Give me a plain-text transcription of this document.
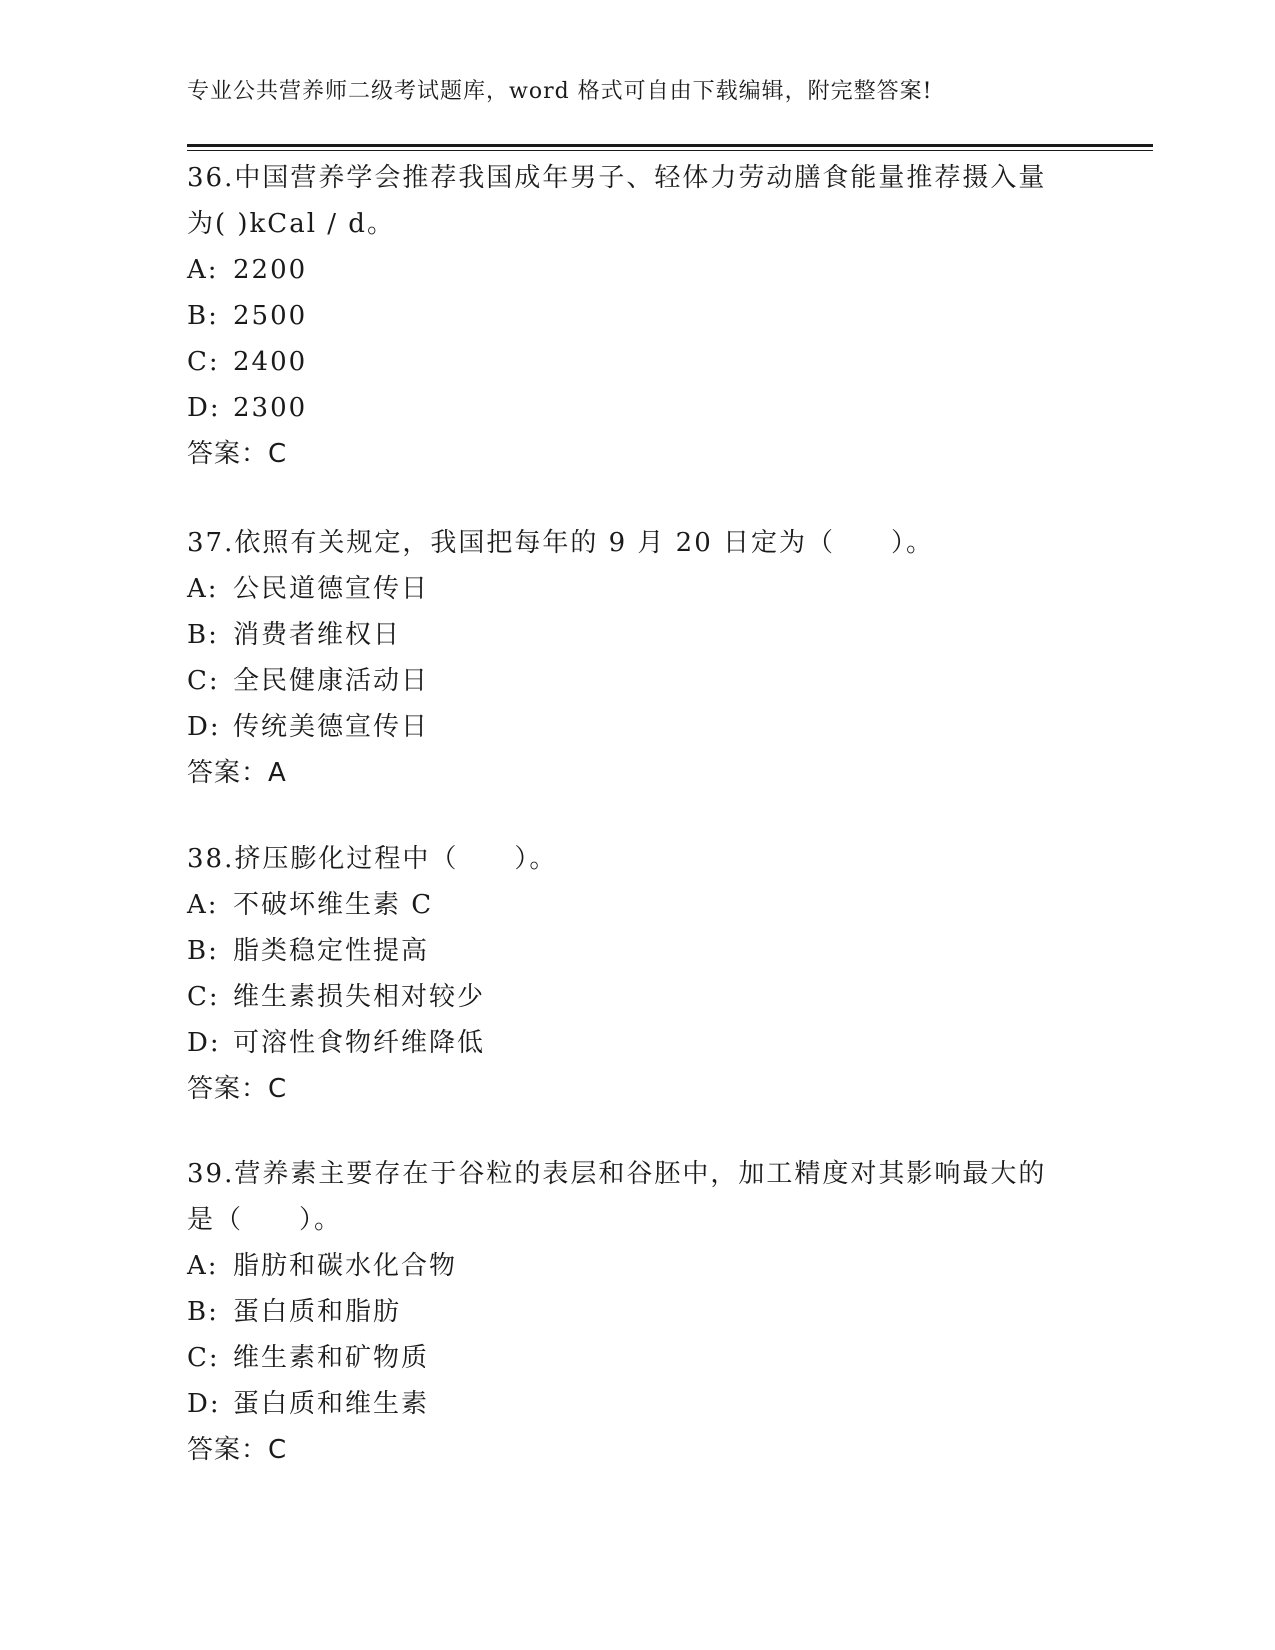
专业公共营养师二级考试题库，word 格式可自由下载编辑，附完整答案!
36.中国营养学会推荐我国成年男子、轻体力劳动膳食能量推荐摄入量
为( )kCal / d。
A: 2200
B: 2500
C: 2400
D: 2300
答案：C
37.依照有关规定，我国把每年的 9 月 20 日定为（　　）。
A: 公民道德宣传日
B: 消费者维权日
C: 全民健康活动日
D: 传统美德宣传日
答案：A
38.挤压膨化过程中（　　）。
A: 不破坏维生素 C
B: 脂类稳定性提高
C: 维生素损失相对较少
D: 可溶性食物纤维降低
答案：C
39.营养素主要存在于谷粒的表层和谷胚中，加工精度对其影响最大的
是（　　）。
A: 脂肪和碳水化合物
B: 蛋白质和脂肪
C: 维生素和矿物质
D: 蛋白质和维生素
答案：C
